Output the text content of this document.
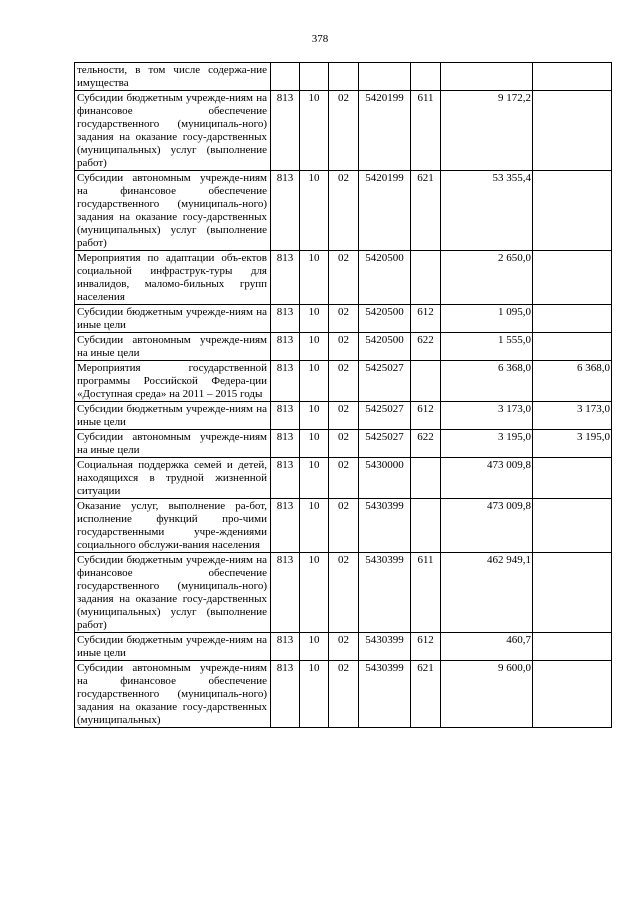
378
тельности, в том числе содержа-ние имущества							
Субсидии бюджетным учрежде-ниям на финансовое обеспечение государственного (муниципаль-ного) задания на оказание госу-дарственных (муниципальных) услуг (выполнение работ)	813	10	02	5420199	611	9 172,2	
Субсидии автономным учрежде-ниям на финансовое обеспечение государственного (муниципаль-ного) задания на оказание госу-дарственных (муниципальных) услуг (выполнение работ)	813	10	02	5420199	621	53 355,4	
Мероприятия по адаптации объ-ектов социальной инфраструк-туры для инвалидов, маломо-бильных групп населения	813	10	02	5420500		2 650,0	
Субсидии бюджетным учрежде-ниям на иные цели	813	10	02	5420500	612	1 095,0	
Субсидии автономным учрежде-ниям на иные цели	813	10	02	5420500	622	1 555,0	
Мероприятия государственной программы Российской Федера-ции «Доступная среда» на 2011 – 2015 годы	813	10	02	5425027		6 368,0	6 368,0
Субсидии бюджетным учрежде-ниям на иные цели	813	10	02	5425027	612	3 173,0	3 173,0
Субсидии автономным учрежде-ниям на иные цели	813	10	02	5425027	622	3 195,0	3 195,0
Социальная поддержка семей и детей, находящихся в трудной жизненной ситуации	813	10	02	5430000		473 009,8	
Оказание услуг, выполнение ра-бот, исполнение функций про-чими государственными учре-ждениями социального обслужи-вания населения	813	10	02	5430399		473 009,8	
Субсидии бюджетным учрежде-ниям на финансовое обеспечение государственного (муниципаль-ного) задания на оказание госу-дарственных (муниципальных) услуг (выполнение работ)	813	10	02	5430399	611	462 949,1	
Субсидии бюджетным учрежде-ниям на иные цели	813	10	02	5430399	612	460,7	
Субсидии автономным учрежде-ниям на финансовое обеспечение государственного (муниципаль-ного) задания на оказание госу-дарственных (муниципальных)	813	10	02	5430399	621	9 600,0	
